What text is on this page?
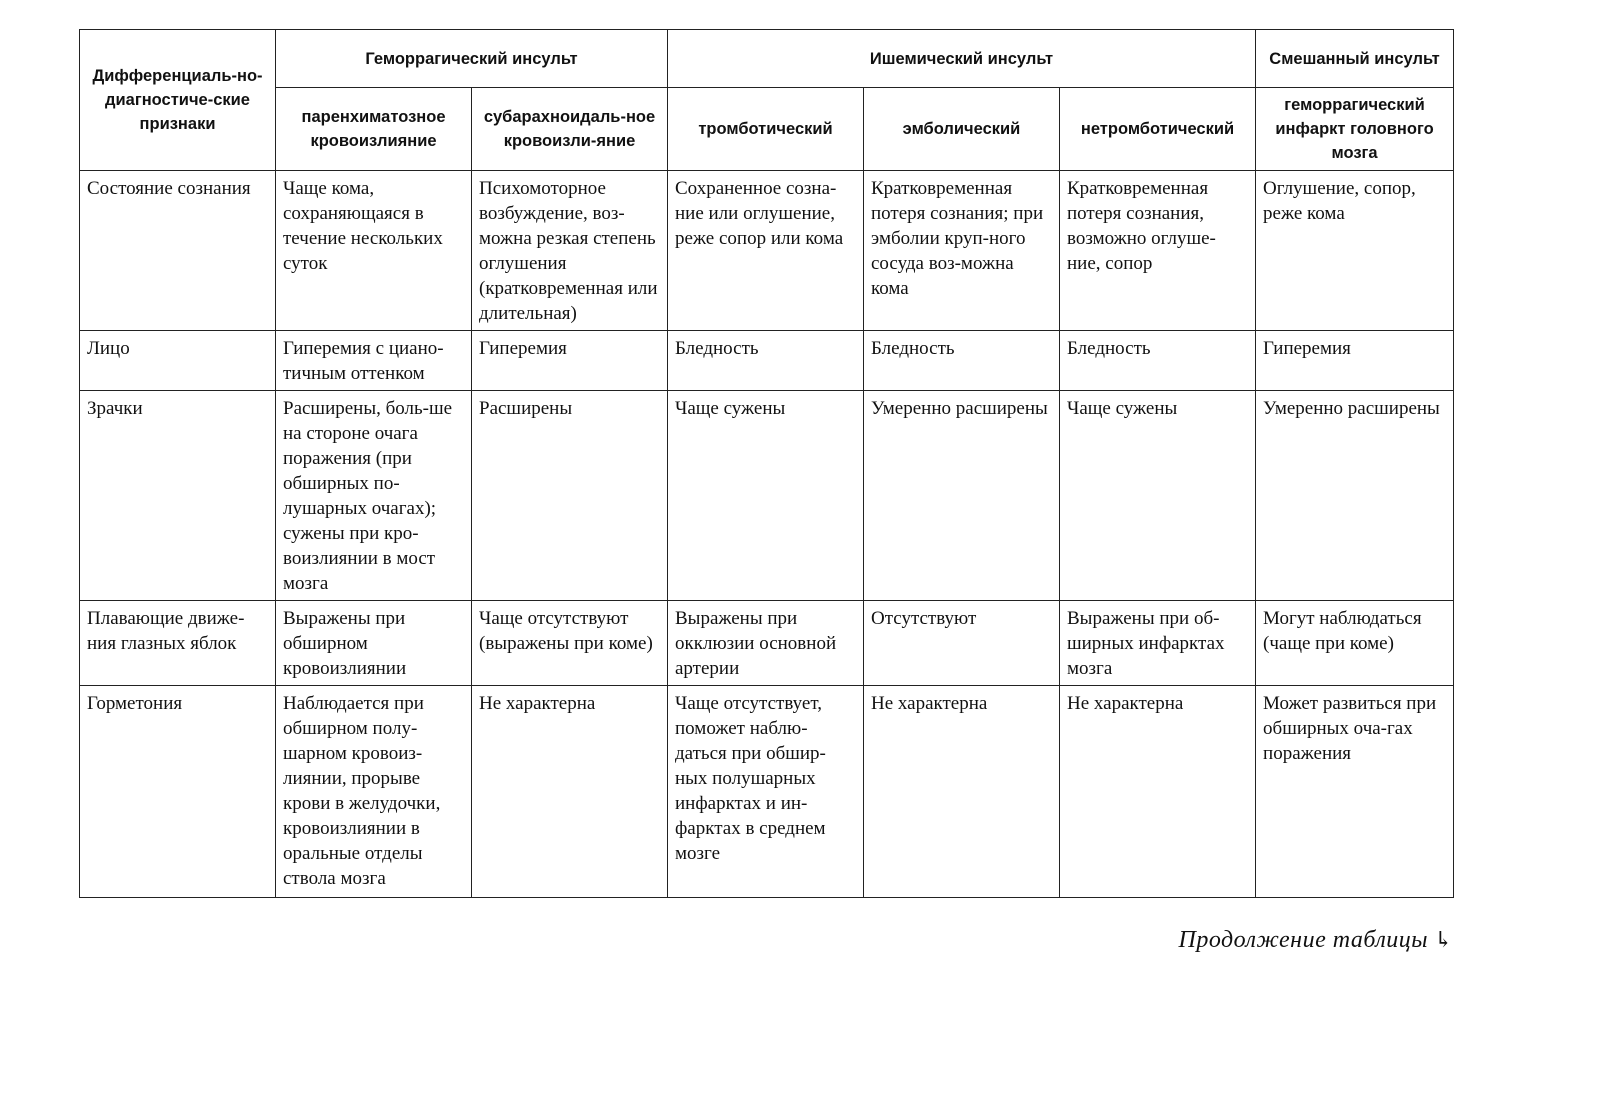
Дифференциаль-но-диагностиче-ские признаки	Геморрагический инсульт		Ишемический инсульт			Смешанный инсульт
	паренхиматозное кровоизлияние	субарахноидаль-ное кровоизли-яние	тромботический	эмболический	нетромботический	геморрагический инфаркт головного мозга
Состояние сознания	Чаще кома, сохраняющаяся в течение нескольких суток	Психомоторное возбуждение, воз-можна резкая степень оглушения (кратковременная или длительная)	Сохраненное созна-ние или оглушение, реже сопор или кома	Кратковременная потеря сознания; при эмболии круп-ного сосуда воз-можна кома	Кратковременная потеря сознания, возможно оглуше-ние, сопор	Оглушение, сопор, реже кома
Лицо	Гиперемия с циано-тичным оттенком	Гиперемия	Бледность	Бледность	Бледность	Гиперемия
Зрачки	Расширены, боль-ше на стороне очага поражения (при обширных по-лушарных очагах); сужены при кро-воизлиянии в мост мозга	Расширены	Чаще сужены	Умеренно расширены	Чаще сужены	Умеренно расширены
Плавающие движе-ния глазных яблок	Выражены при обширном кровоизлиянии	Чаще отсутствуют (выражены при коме)	Выражены при окклюзии основной артерии	Отсутствуют	Выражены при об-ширных инфарктах мозга	Могут наблюдаться (чаще при коме)
Горметония	Наблюдается при обширном полу-шарном кровоиз-лиянии, прорыве крови в желудочки, кровоизлиянии в оральные отделы ствола мозга	Не характерна	Чаще отсутствует, поможет наблю-даться при обшир-ных полушарных инфарктах и ин-фарктах в среднем мозге	Не характерна	Не характерна	Может развиться при обширных оча-гах поражения
Продолжение таблицы ↳
